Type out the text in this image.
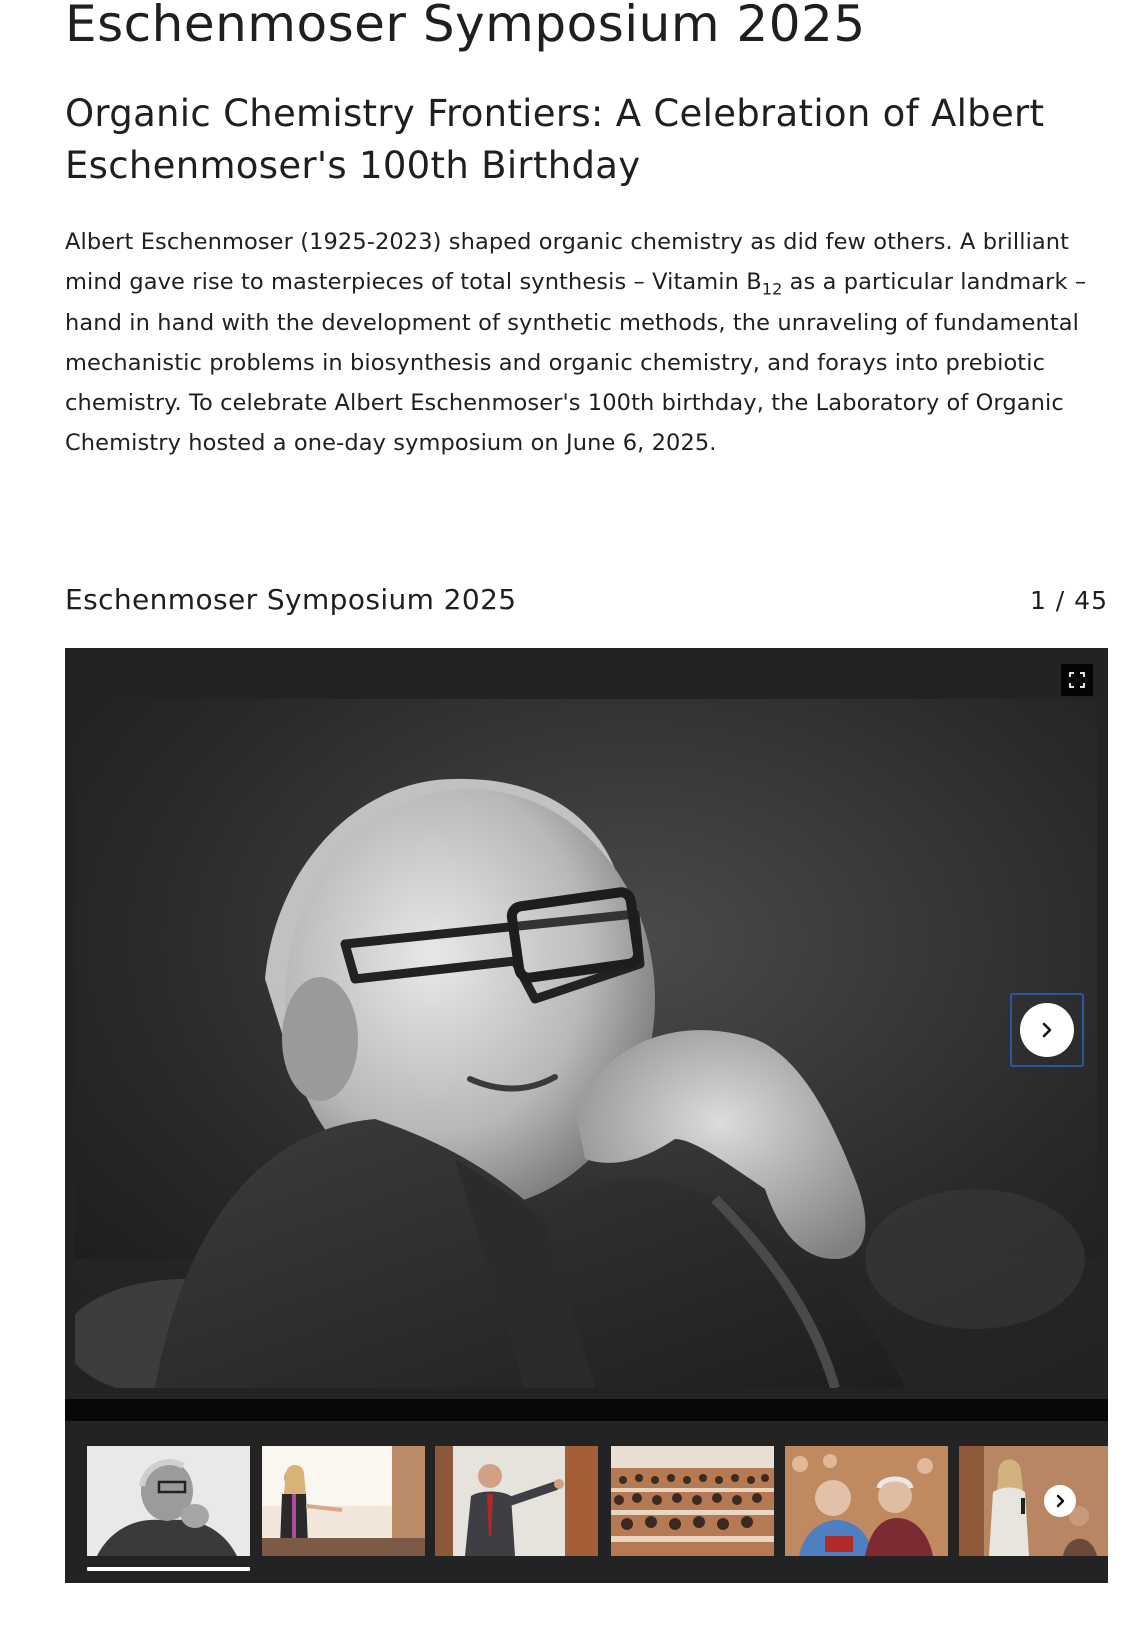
Eschenmoser Symposium 2025
Organic Chemistry Frontiers: A Celebration of Albert Eschenmoser's 100th Birthday

Albert Eschenmoser (1925-2023) shaped organic chemistry as did few others. A brilliant mind gave rise to masterpieces of total synthesis – Vitamin $B_{12}$ as a particular landmark – hand in hand with the development of synthetic methods, the unraveling of fundamental mechanistic problems in biosynthesis and organic chemistry, and forays into prebiotic chemistry. To celebrate Albert Eschenmoser's 100th birthday, the Laboratory of Organic Chemistry hosted a one-day symposium on June 6, 2025.

Eschenmoser Symposium 2025	1 / 45
